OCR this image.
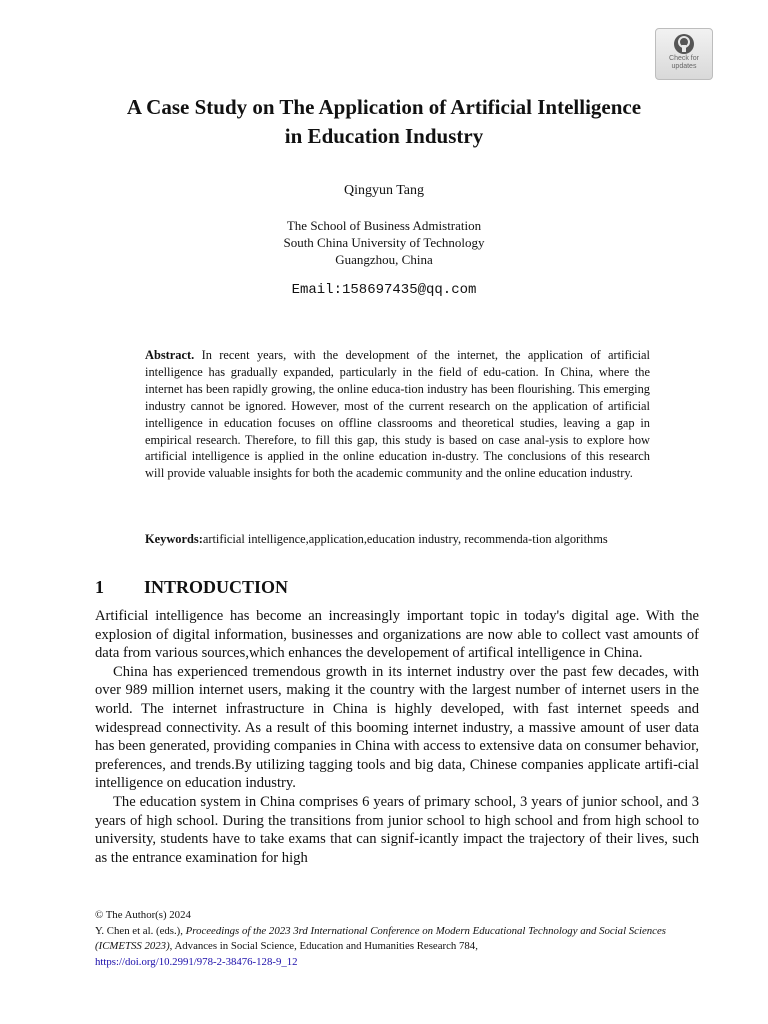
Check for
updates
A Case Study on The Application of Artificial Intelligence
in Education Industry
Qingyun Tang
The School of Business Admistration
South China University of Technology
Guangzhou, China
Email:158697435@qq.com

Abstract. In recent years, with the development of the internet, the application of artificial intelligence has gradually expanded, particularly in the field of edu-cation. In China, where the internet has been rapidly growing, the online educa-tion industry has been flourishing. This emerging industry cannot be ignored. However, most of the current research on the application of artificial intelligence in education focuses on offline classrooms and theoretical studies, leaving a gap in empirical research. Therefore, to fill this gap, this study is based on case anal-ysis to explore how artificial intelligence is applied in the online education in-dustry. The conclusions of this research will provide valuable insights for both the academic community and the online education industry.

Keywords:artificial intelligence,application,education industry, recommenda-tion algorithms

1 INTRODUCTION

Artificial intelligence has become an increasingly important topic in today's digital age. With the explosion of digital information, businesses and organizations are now able to collect vast amounts of data from various sources,which enhances the developement of artifical intelligence in China.

China has experienced tremendous growth in its internet industry over the past few decades, with over 989 million internet users, making it the country with the largest number of internet users in the world. The internet infrastructure in China is highly developed, with fast internet speeds and widespread connectivity. As a result of this booming internet industry, a massive amount of user data has been generated, providing companies in China with access to extensive data on consumer behavior, preferences, and trends.By utilizing tagging tools and big data, Chinese companies applicate artifi-cial intelligence on education industry.

The education system in China comprises 6 years of primary school, 3 years of junior school, and 3 years of high school. During the transitions from junior school to high school and from high school to university, students have to take exams that can signif-icantly impact the trajectory of their lives, such as the entrance examination for high

© The Author(s) 2024
Y. Chen et al. (eds.), Proceedings of the 2023 3rd International Conference on Modern Educational Technology and Social Sciences (ICMETSS 2023), Advances in Social Science, Education and Humanities Research 784,
https://doi.org/10.2991/978-2-38476-128-9_12
